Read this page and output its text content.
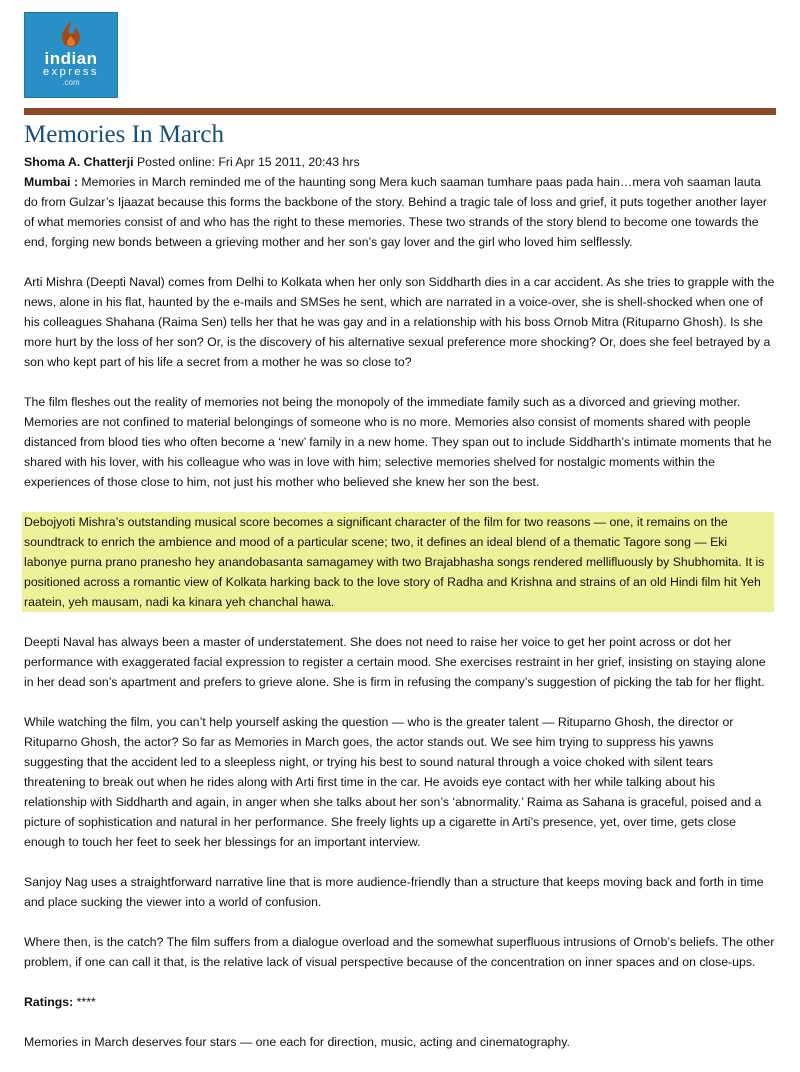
indian
express
.com
Memories In March
Shoma A. Chatterji Posted online: Fri Apr 15 2011, 20:43 hrs

Mumbai : Memories in March reminded me of the haunting song Mera kuch saaman tumhare paas pada hain…mera voh saaman lauta do from Gulzar’s Ijaazat because this forms the backbone of the story. Behind a tragic tale of loss and grief, it puts together another layer of what memories consist of and who has the right to these memories. These two strands of the story blend to become one towards the end, forging new bonds between a grieving mother and her son’s gay lover and the girl who loved him selflessly.

Arti Mishra (Deepti Naval) comes from Delhi to Kolkata when her only son Siddharth dies in a car accident. As she tries to grapple with the news, alone in his flat, haunted by the e-mails and SMSes he sent, which are narrated in a voice-over, she is shell-shocked when one of his colleagues Shahana (Raima Sen) tells her that he was gay and in a relationship with his boss Ornob Mitra (Rituparno Ghosh). Is she more hurt by the loss of her son? Or, is the discovery of his alternative sexual preference more shocking? Or, does she feel betrayed by a son who kept part of his life a secret from a mother he was so close to?

The film fleshes out the reality of memories not being the monopoly of the immediate family such as a divorced and grieving mother. Memories are not confined to material belongings of someone who is no more. Memories also consist of moments shared with people distanced from blood ties who often become a ‘new’ family in a new home. They span out to include Siddharth’s intimate moments that he shared with his lover, with his colleague who was in love with him; selective memories shelved for nostalgic moments within the experiences of those close to him, not just his mother who believed she knew her son the best.

Debojyoti Mishra’s outstanding musical score becomes a significant character of the film for two reasons — one, it remains on the soundtrack to enrich the ambience and mood of a particular scene; two, it defines an ideal blend of a thematic Tagore song — Eki labonye purna prano pranesho hey anandobasanta samagamey with two Brajabhasha songs rendered mellifluously by Shubhomita. It is positioned across a romantic view of Kolkata harking back to the love story of Radha and Krishna and strains of an old Hindi film hit Yeh raatein, yeh mausam, nadi ka kinara yeh chanchal hawa.

Deepti Naval has always been a master of understatement. She does not need to raise her voice to get her point across or dot her performance with exaggerated facial expression to register a certain mood. She exercises restraint in her grief, insisting on staying alone in her dead son’s apartment and prefers to grieve alone. She is firm in refusing the company’s suggestion of picking the tab for her flight.

While watching the film, you can’t help yourself asking the question — who is the greater talent — Rituparno Ghosh, the director or Rituparno Ghosh, the actor? So far as Memories in March goes, the actor stands out. We see him trying to suppress his yawns suggesting that the accident led to a sleepless night, or trying his best to sound natural through a voice choked with silent tears threatening to break out when he rides along with Arti first time in the car. He avoids eye contact with her while talking about his relationship with Siddharth and again, in anger when she talks about her son’s ‘abnormality.’ Raima as Sahana is graceful, poised and a picture of sophistication and natural in her performance. She freely lights up a cigarette in Arti’s presence, yet, over time, gets close enough to touch her feet to seek her blessings for an important interview.

Sanjoy Nag uses a straightforward narrative line that is more audience-friendly than a structure that keeps moving back and forth in time and place sucking the viewer into a world of confusion.

Where then, is the catch? The film suffers from a dialogue overload and the somewhat superfluous intrusions of Ornob’s beliefs. The other problem, if one can call it that, is the relative lack of visual perspective because of the concentration on inner spaces and on close-ups.

Ratings: ****

Memories in March deserves four stars — one each for direction, music, acting and cinematography.
